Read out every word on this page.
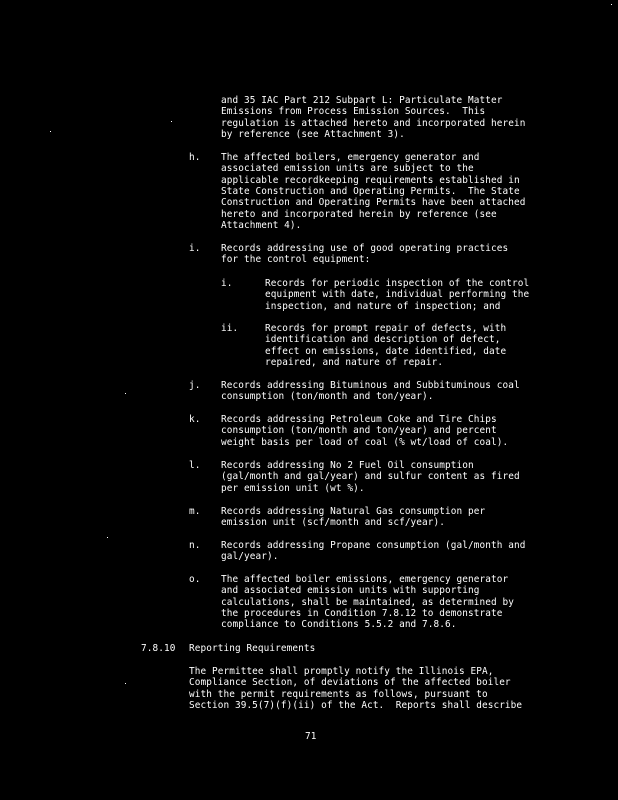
and 35 IAC Part 212 Subpart L: Particulate Matter
Emissions from Process Emission Sources.  This
regulation is attached hereto and incorporated herein
by reference (see Attachment 3).
h. The affected boilers, emergency generator and
associated emission units are subject to the
applicable recordkeeping requirements established in
State Construction and Operating Permits.  The State
Construction and Operating Permits have been attached
hereto and incorporated herein by reference (see
Attachment 4).
i. Records addressing use of good operating practices
for the control equipment:
i.	Records for periodic inspection of the control
equipment with date, individual performing the
inspection, and nature of inspection; and
ii.	Records for prompt repair of defects, with
identification and description of defect,
effect on emissions, date identified, date
repaired, and nature of repair.
j. Records addressing Bituminous and Subbituminous coal
consumption (ton/month and ton/year).
k. Records addressing Petroleum Coke and Tire Chips
consumption (ton/month and ton/year) and percent
weight basis per load of coal (% wt/load of coal).
l. Records addressing No 2 Fuel Oil consumption
(gal/month and gal/year) and sulfur content as fired
per emission unit (wt %).
m. Records addressing Natural Gas consumption per
emission unit (scf/month and scf/year).
n. Records addressing Propane consumption (gal/month and
gal/year).
o. The affected boiler emissions, emergency generator
and associated emission units with supporting
calculations, shall be maintained, as determined by
the procedures in Condition 7.8.12 to demonstrate
compliance to Conditions 5.5.2 and 7.8.6.
7.8.10 Reporting Requirements
The Permittee shall promptly notify the Illinois EPA,
Compliance Section, of deviations of the affected boiler
with the permit requirements as follows, pursuant to
Section 39.5(7)(f)(ii) of the Act.  Reports shall describe
71
